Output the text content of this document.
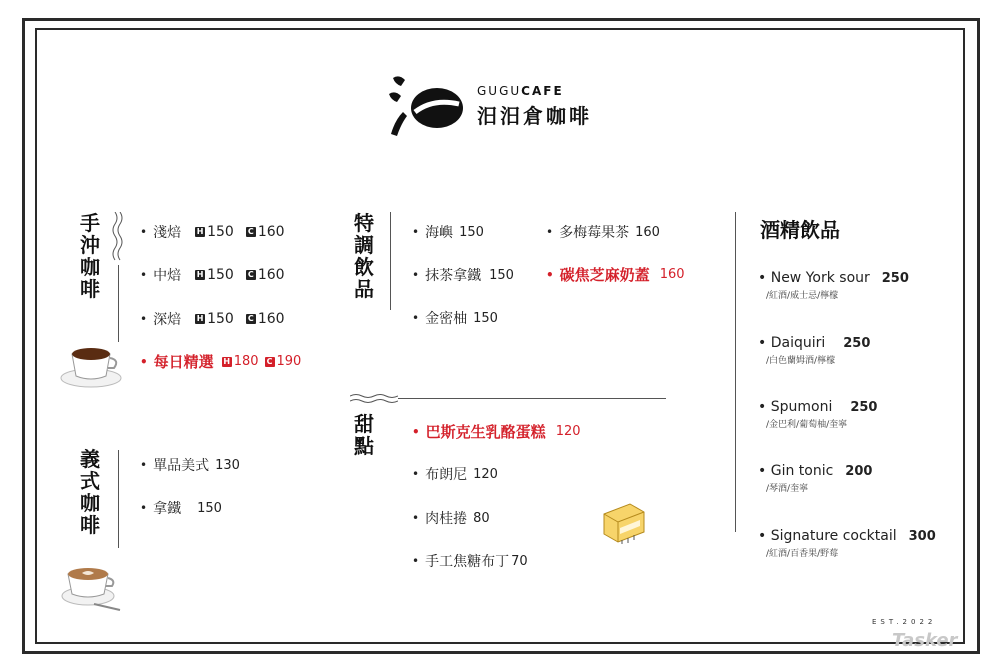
GUGUCAFE
汨汨倉咖啡
手
沖
咖
啡
• 淺焙 H 150 C 160
• 中焙 H 150 C 160
• 深焙 H 150 C 160
• 每日精選 H 180 C 190
義
式
咖
啡
• 單品美式 130
• 拿鐵 150
特
調
飲
品
• 海嶼 150
• 抹茶拿鐵 150
• 金密柚 150
• 多梅莓果茶 160
• 碳焦芝麻奶蓋 160
甜
點
• 巴斯克生乳酪蛋糕 120
• 布朗尼 120
• 肉桂捲 80
• 手工焦糖布丁 70
酒精飲品
• New York sour 250
/紅酒/威士忌/檸檬
• Daiquiri 250
/白色蘭姆酒/檸檬
• Spumoni 250
/金巴利/葡萄柚/奎寧
• Gin tonic 200
/琴酒/奎寧
• Signature cocktail 300
/紅酒/百香果/野莓
EST.2022
Tasker
